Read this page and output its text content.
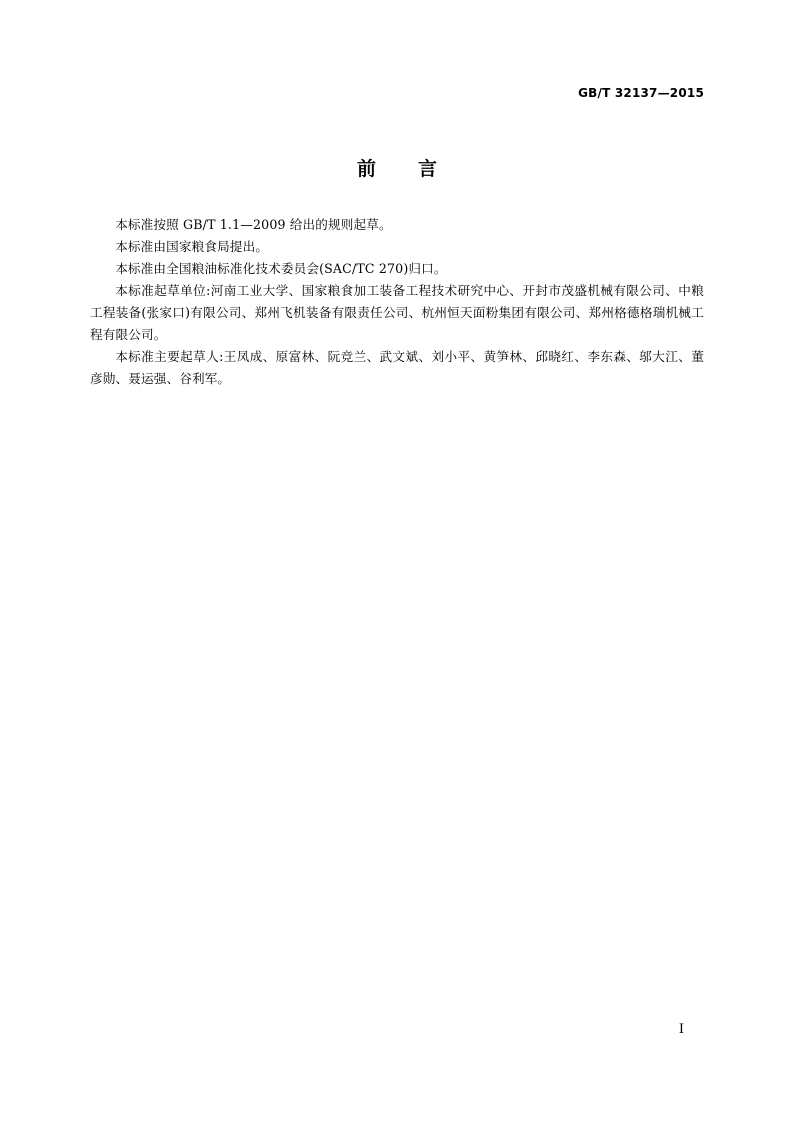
GB/T 32137—2015
前言

本标准按照 GB/T 1.1—2009 给出的规则起草。

本标准由国家粮食局提出。

本标准由全国粮油标准化技术委员会(SAC/TC 270)归口。

本标准起草单位:河南工业大学、国家粮食加工装备工程技术研究中心、开封市茂盛机械有限公司、中粮工程装备(张家口)有限公司、郑州飞机装备有限责任公司、杭州恒天面粉集团有限公司、郑州格德格瑞机械工程有限公司。

本标准主要起草人:王凤成、原富林、阮竞兰、武文斌、刘小平、黄笋林、邱晓红、李东森、邬大江、董彦勋、聂运强、谷利军。

I
